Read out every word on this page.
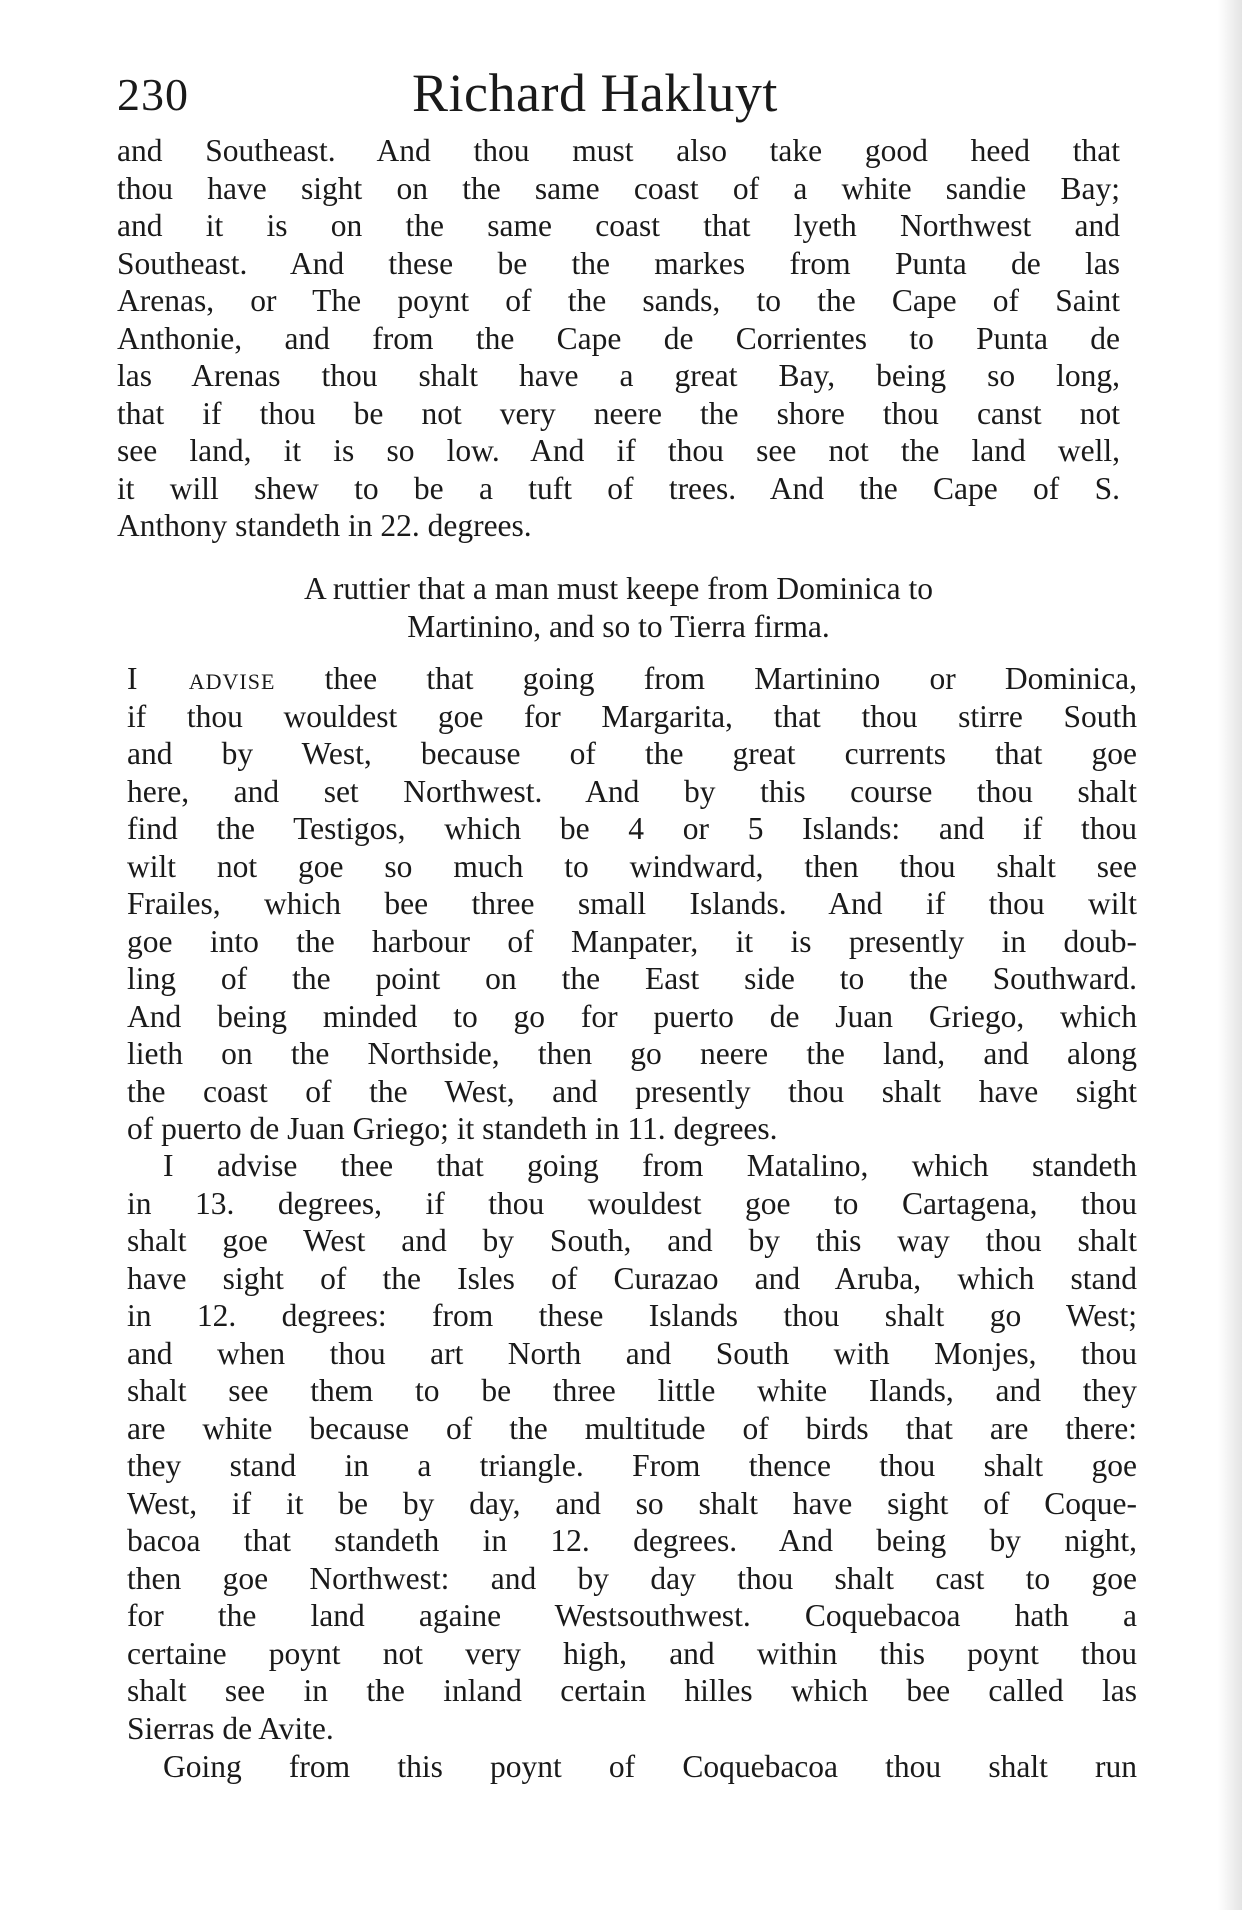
230	Richard Hakluyt
and Southeast. And thou must also take good heed that
thou have sight on the same coast of a white sandie Bay;
and it is on the same coast that lyeth Northwest and
Southeast. And these be the markes from Punta de las
Arenas, or The poynt of the sands, to the Cape of Saint
Anthonie, and from the Cape de Corrientes to Punta de
las Arenas thou shalt have a great Bay, being so long,
that if thou be not very neere the shore thou canst not
see land, it is so low. And if thou see not the land well,
it will shew to be a tuft of trees. And the Cape of S.
Anthony standeth in 22. degrees.
A ruttier that a man must keepe from Dominica to
Martinino, and so to Tierra firma.
I advise thee that going from Martinino or Dominica,
if thou wouldest goe for Margarita, that thou stirre South
and by West, because of the great currents that goe
here, and set Northwest. And by this course thou shalt
find the Testigos, which be 4 or 5 Islands: and if thou
wilt not goe so much to windward, then thou shalt see
Frailes, which bee three small Islands. And if thou wilt
goe into the harbour of Manpater, it is presently in doub-
ling of the point on the East side to the Southward.
And being minded to go for puerto de Juan Griego, which
lieth on the Northside, then go neere the land, and along
the coast of the West, and presently thou shalt have sight
of puerto de Juan Griego; it standeth in 11. degrees.
I advise thee that going from Matalino, which standeth
in 13. degrees, if thou wouldest goe to Cartagena, thou
shalt goe West and by South, and by this way thou shalt
have sight of the Isles of Curazao and Aruba, which stand
in 12. degrees: from these Islands thou shalt go West;
and when thou art North and South with Monjes, thou
shalt see them to be three little white Ilands, and they
are white because of the multitude of birds that are there:
they stand in a triangle. From thence thou shalt goe
West, if it be by day, and so shalt have sight of Coque-
bacoa that standeth in 12. degrees. And being by night,
then goe Northwest: and by day thou shalt cast to goe
for the land againe Westsouthwest. Coquebacoa hath a
certaine poynt not very high, and within this poynt thou
shalt see in the inland certain hilles which bee called las
Sierras de Avite.
Going from this poynt of Coquebacoa thou shalt run
